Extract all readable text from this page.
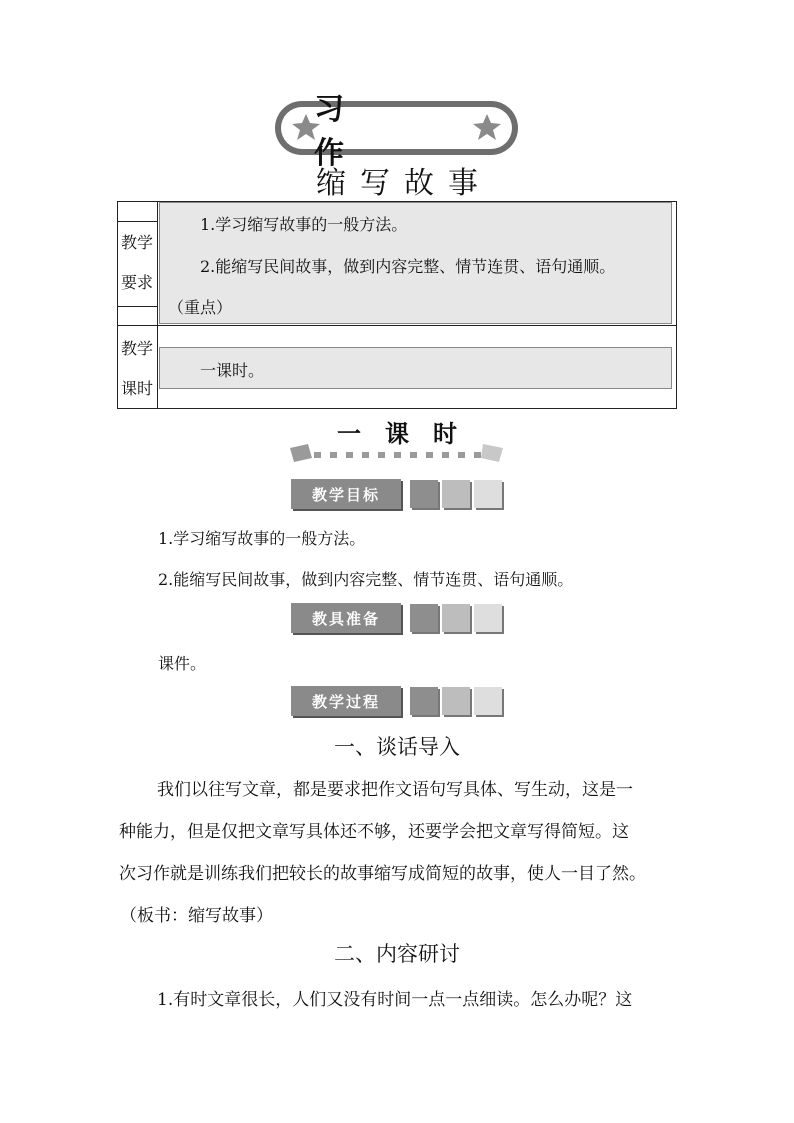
习　作
缩写故事
教学
要求
1.学习缩写故事的一般方法。
2.能缩写民间故事，做到内容完整、情节连贯、语句通顺。
（重点）
教学
课时
一课时。
一课时
教学目标
1.学习缩写故事的一般方法。
2.能缩写民间故事，做到内容完整、情节连贯、语句通顺。
教具准备
课件。
教学过程
一、谈话导入
我们以往写文章，都是要求把作文语句写具体、写生动，这是一
种能力，但是仅把文章写具体还不够，还要学会把文章写得简短。这
次习作就是训练我们把较长的故事缩写成简短的故事，使人一目了然。
（板书：缩写故事）
二、内容研讨
1.有时文章很长，人们又没有时间一点一点细读。怎么办呢？这
